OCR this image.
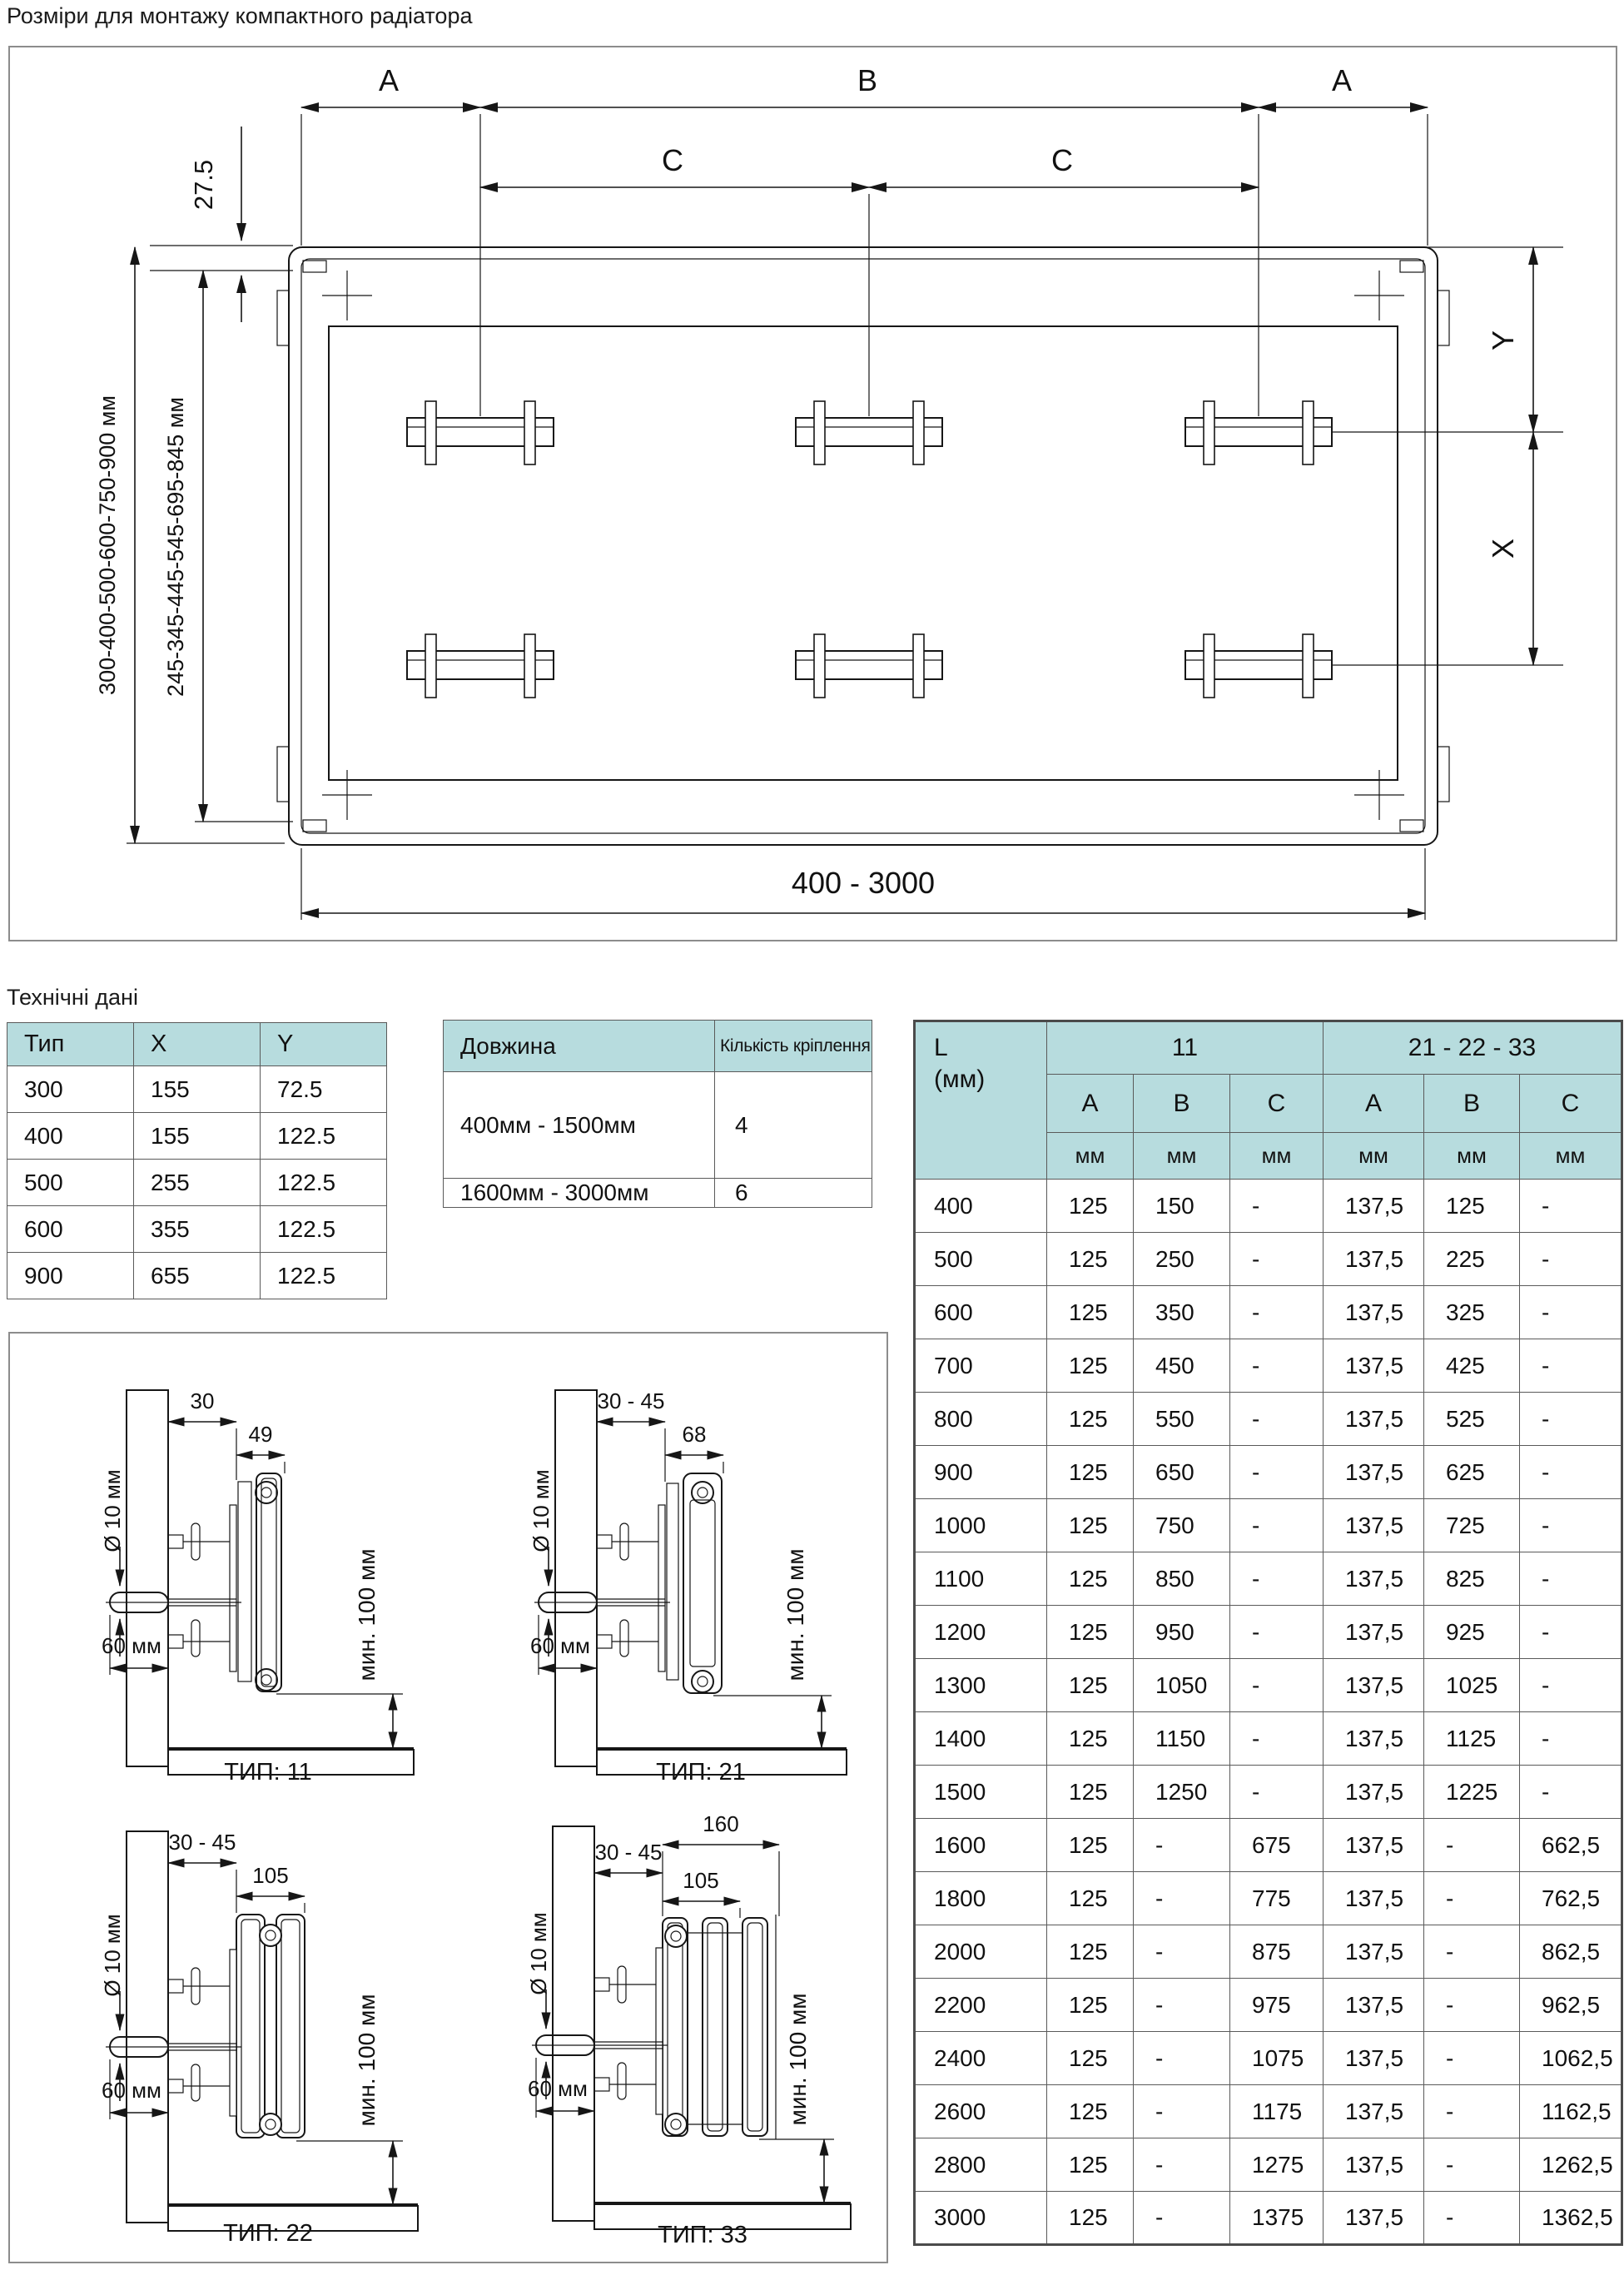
Розміри для монтажу компактного радіатора
A	B	A
C	C
27.5
300-400-500-600-750-900 мм 245-345-445-545-695-845 мм
Y
X
400 - 3000
Технічні дані
Тип	X	Y
300	155	72.5
400	155	122.5
500	255	122.5
600	355	122.5
900	655	122.5
Довжина	Кількість кріплення
400мм - 1500мм	4
1600мм - 3000мм	6
L
(мм)	11			21 - 22 - 33		
	A	B	C	A	B	C
	мм	мм	мм	мм	мм	мм
400	125	150	-	137,5	125	-
500	125	250	-	137,5	225	-
600	125	350	-	137,5	325	-
700	125	450	-	137,5	425	-
800	125	550	-	137,5	525	-
900	125	650	-	137,5	625	-
1000	125	750	-	137,5	725	-
1100	125	850	-	137,5	825	-
1200	125	950	-	137,5	925	-
1300	125	1050	-	137,5	1025	-
1400	125	1150	-	137,5	1125	-
1500	125	1250	-	137,5	1225	-
1600	125	-	675	137,5	-	662,5
1800	125	-	775	137,5	-	762,5
2000	125	-	875	137,5	-	862,5
2200	125	-	975	137,5	-	962,5
2400	125	-	1075	137,5	-	1062,5
2600	125	-	1175	137,5	-	1162,5
2800	125	-	1275	137,5	-	1262,5
3000	125	-	1375	137,5	-	1362,5
30
49
Ø 10 мм
60 мм	мин. 100 мм
ТИП: 11
30 - 45
68
Ø 10 мм
60 мм	мин. 100 мм
ТИП: 21
30 - 45
105
Ø 10 мм
60 мм	мин. 100 мм
ТИП: 22
160
30 - 45
105
Ø 10 мм
60 мм	мин. 100 мм
ТИП: 33
